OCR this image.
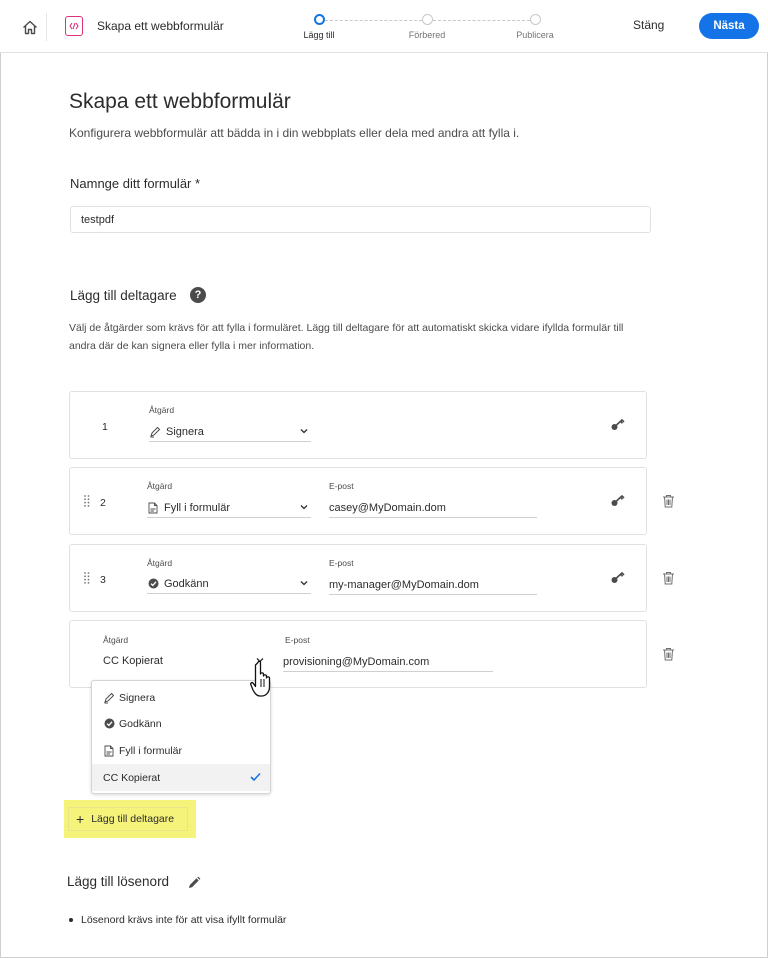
Skapa ett webbformulär
Lägg till	Förbered	Publicera
Stäng	Nästa
Skapa ett webbformulär
Konfigurera webbformulär att bädda in i din webbplats eller dela med andra att fylla i.
Namnge ditt formulär *
testpdf
Lägg till deltagare	?
Välj de åtgärder som krävs för att fylla i formuläret. Lägg till deltagare för att automatiskt skicka vidare ifyllda formulär till andra där de kan signera eller fylla i mer information.
1
Åtgärd
Signera
2
Åtgärd
Fyll i formulär
E-post
casey@MyDomain.dom
3
Åtgärd
Godkänn
E-post
my-manager@MyDomain.dom
Åtgärd
CC Kopierat
E-post
provisioning@MyDomain.com
Signera
Godkänn
Fyll i formulär
CC Kopierat
+ Lägg till deltagare
Lägg till lösenord
Lösenord krävs inte för att visa ifyllt formulär
